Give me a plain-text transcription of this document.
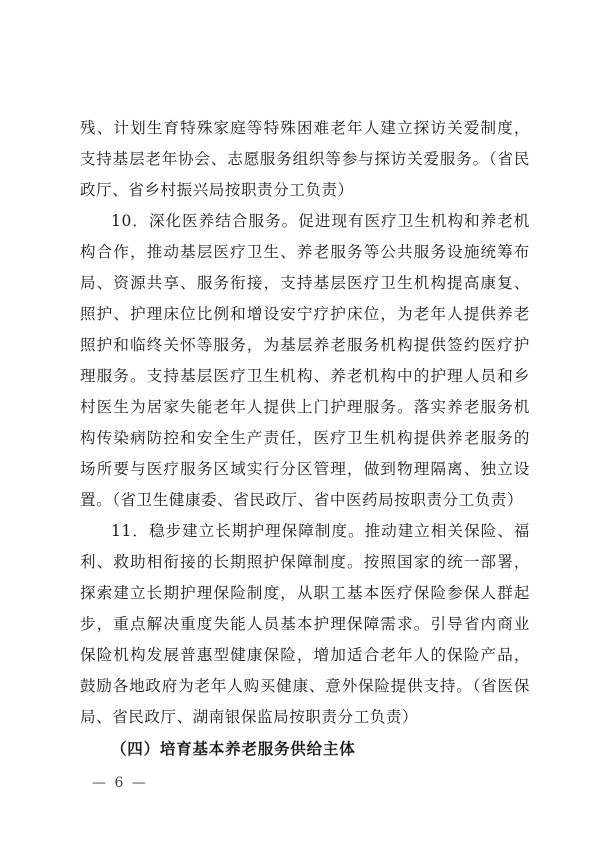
残、计划生育特殊家庭等特殊困难老年人建立探访关爱制度，支持基层老年协会、志愿服务组织等参与探访关爱服务。（省民政厅、省乡村振兴局按职责分工负责）

10．深化医养结合服务。促进现有医疗卫生机构和养老机构合作，推动基层医疗卫生、养老服务等公共服务设施统筹布局、资源共享、服务衔接，支持基层医疗卫生机构提高康复、照护、护理床位比例和增设安宁疗护床位，为老年人提供养老照护和临终关怀等服务，为基层养老服务机构提供签约医疗护理服务。支持基层医疗卫生机构、养老机构中的护理人员和乡村医生为居家失能老年人提供上门护理服务。落实养老服务机构传染病防控和安全生产责任，医疗卫生机构提供养老服务的场所要与医疗服务区域实行分区管理，做到物理隔离、独立设置。（省卫生健康委、省民政厅、省中医药局按职责分工负责）

11．稳步建立长期护理保障制度。推动建立相关保险、福利、救助相衔接的长期照护保障制度。按照国家的统一部署，探索建立长期护理保险制度，从职工基本医疗保险参保人群起步，重点解决重度失能人员基本护理保障需求。引导省内商业保险机构发展普惠型健康保险，增加适合老年人的保险产品，鼓励各地政府为老年人购买健康、意外保险提供支持。（省医保局、省民政厅、湖南银保监局按职责分工负责）

（四）培育基本养老服务供给主体

— 6 —
